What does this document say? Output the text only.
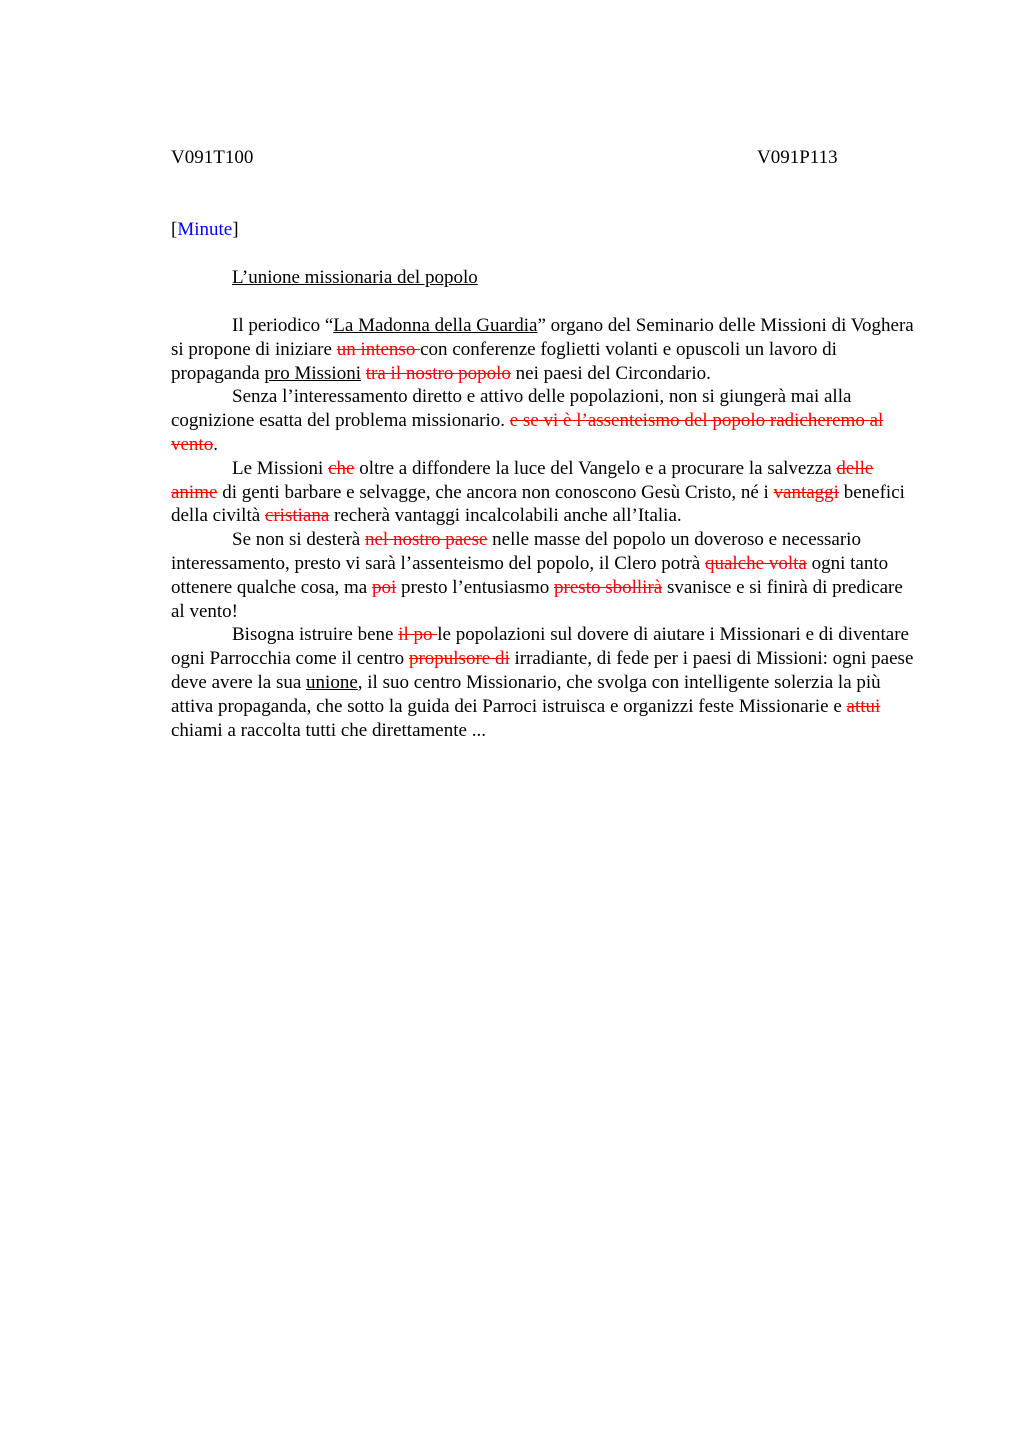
V091T100	V091P113
[Minute]
L’unione missionaria del popolo

Il periodico “La Madonna della Guardia” organo del Seminario delle Missioni di Voghera si propone di iniziare un intenso con conferenze foglietti volanti e opuscoli un lavoro di propaganda pro Missioni tra il nostro popolo nei paesi del Circondario.

Senza l’interessamento diretto e attivo delle popolazioni, non si giungerà mai alla cognizione esatta del problema missionario. e se vi è l’assenteismo del popolo radicheremo al vento.

Le Missioni che oltre a diffondere la luce del Vangelo e a procurare la salvezza delle anime di genti barbare e selvagge, che ancora non conoscono Gesù Cristo, né i vantaggi benefici della civiltà cristiana recherà vantaggi incalcolabili anche all’Italia.

Se non si desterà nel nostro paese nelle masse del popolo un doveroso e necessario interessamento, presto vi sarà l’assenteismo del popolo, il Clero potrà qualche volta ogni tanto ottenere qualche cosa, ma poi presto l’entusiasmo presto sbollirà svanisce e si finirà di predicare al vento!

Bisogna istruire bene il po le popolazioni sul dovere di aiutare i Missionari e di diventare ogni Parrocchia come il centro propulsore di irradiante, di fede per i paesi di Missioni: ogni paese deve avere la sua unione, il suo centro Missionario, che svolga con intelligente solerzia la più attiva propaganda, che sotto la guida dei Parroci istruisca e organizzi feste Missionarie e attui chiami a raccolta tutti che direttamente ...
